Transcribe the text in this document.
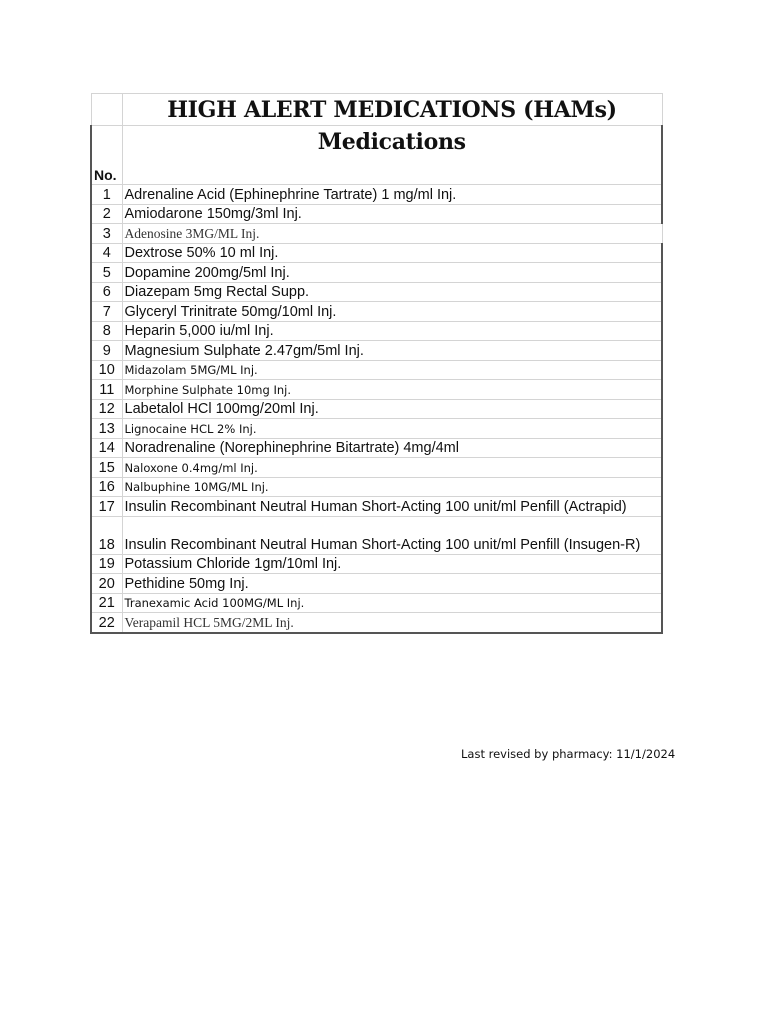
	HIGH ALERT MEDICATIONS (HAMs)
No.	Medications
1	Adrenaline Acid (Ephinephrine Tartrate) 1 mg/ml Inj.
2	Amiodarone 150mg/3ml Inj.
3	Adenosine 3MG/ML Inj.
4	Dextrose 50% 10 ml Inj.
5	Dopamine 200mg/5ml Inj.
6	Diazepam 5mg Rectal Supp.
7	Glyceryl Trinitrate 50mg/10ml Inj.
8	Heparin 5,000 iu/ml Inj.
9	Magnesium Sulphate 2.47gm/5ml Inj.
10	Midazolam 5MG/ML Inj.
11	Morphine Sulphate 10mg Inj.
12	Labetalol HCl 100mg/20ml Inj.
13	Lignocaine HCL 2% Inj.
14	Noradrenaline (Norephinephrine Bitartrate) 4mg/4ml
15	Naloxone 0.4mg/ml Inj.
16	Nalbuphine 10MG/ML Inj.
17	Insulin Recombinant Neutral Human Short-Acting 100 unit/ml Penfill (Actrapid)
18	Insulin Recombinant Neutral Human Short-Acting 100 unit/ml Penfill (Insugen-R)
19	Potassium Chloride 1gm/10ml Inj.
20	Pethidine 50mg Inj.
21	Tranexamic Acid 100MG/ML Inj.
22	Verapamil HCL 5MG/2ML Inj.
Last revised by pharmacy: 11/1/2024
